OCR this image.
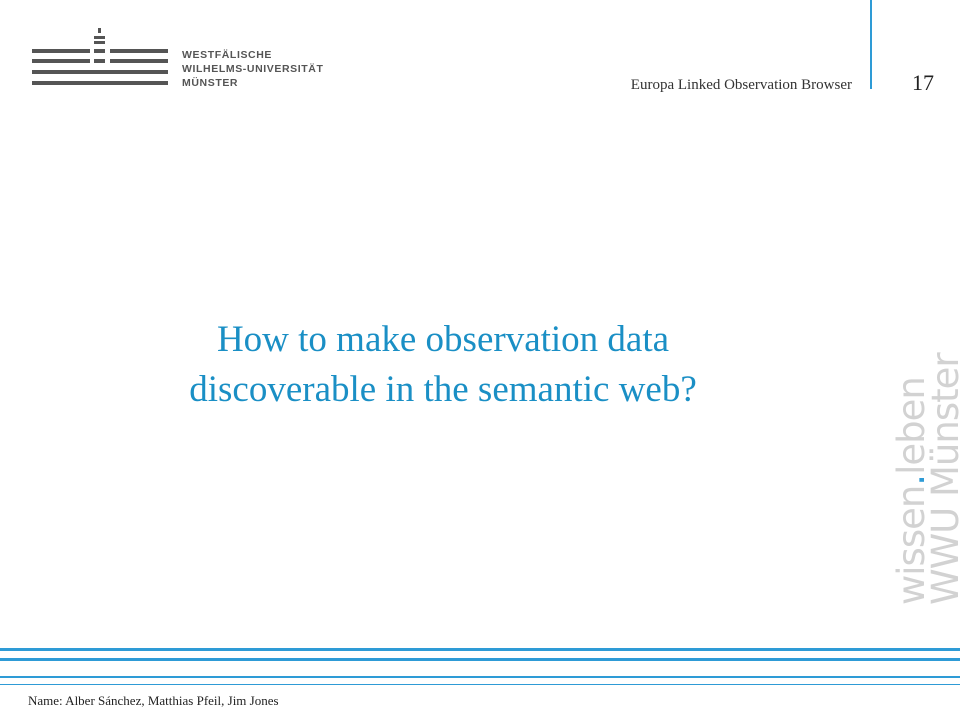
WESTFÄLISCHE
WILHELMS-UNIVERSITÄT
MÜNSTER	Europa Linked Observation Browser	17
How to make observation data
discoverable in the semantic web?
wissen.leben
WWU Münster
Name: Alber Sánchez, Matthias Pfeil, Jim Jones
